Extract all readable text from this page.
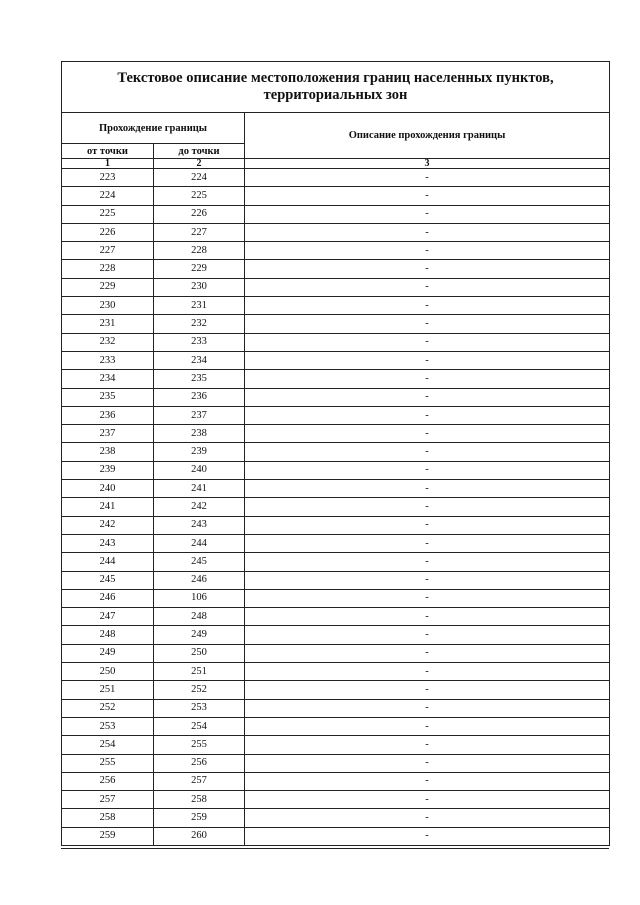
Текстовое описание местоположения границ населенных пунктов,
территориальных зон		
Прохождение границы		Описание прохождения границы
от точки	до точки	
1	2	3
223	224	-
224	225	-
225	226	-
226	227	-
227	228	-
228	229	-
229	230	-
230	231	-
231	232	-
232	233	-
233	234	-
234	235	-
235	236	-
236	237	-
237	238	-
238	239	-
239	240	-
240	241	-
241	242	-
242	243	-
243	244	-
244	245	-
245	246	-
246	106	-
247	248	-
248	249	-
249	250	-
250	251	-
251	252	-
252	253	-
253	254	-
254	255	-
255	256	-
256	257	-
257	258	-
258	259	-
259	260	-
